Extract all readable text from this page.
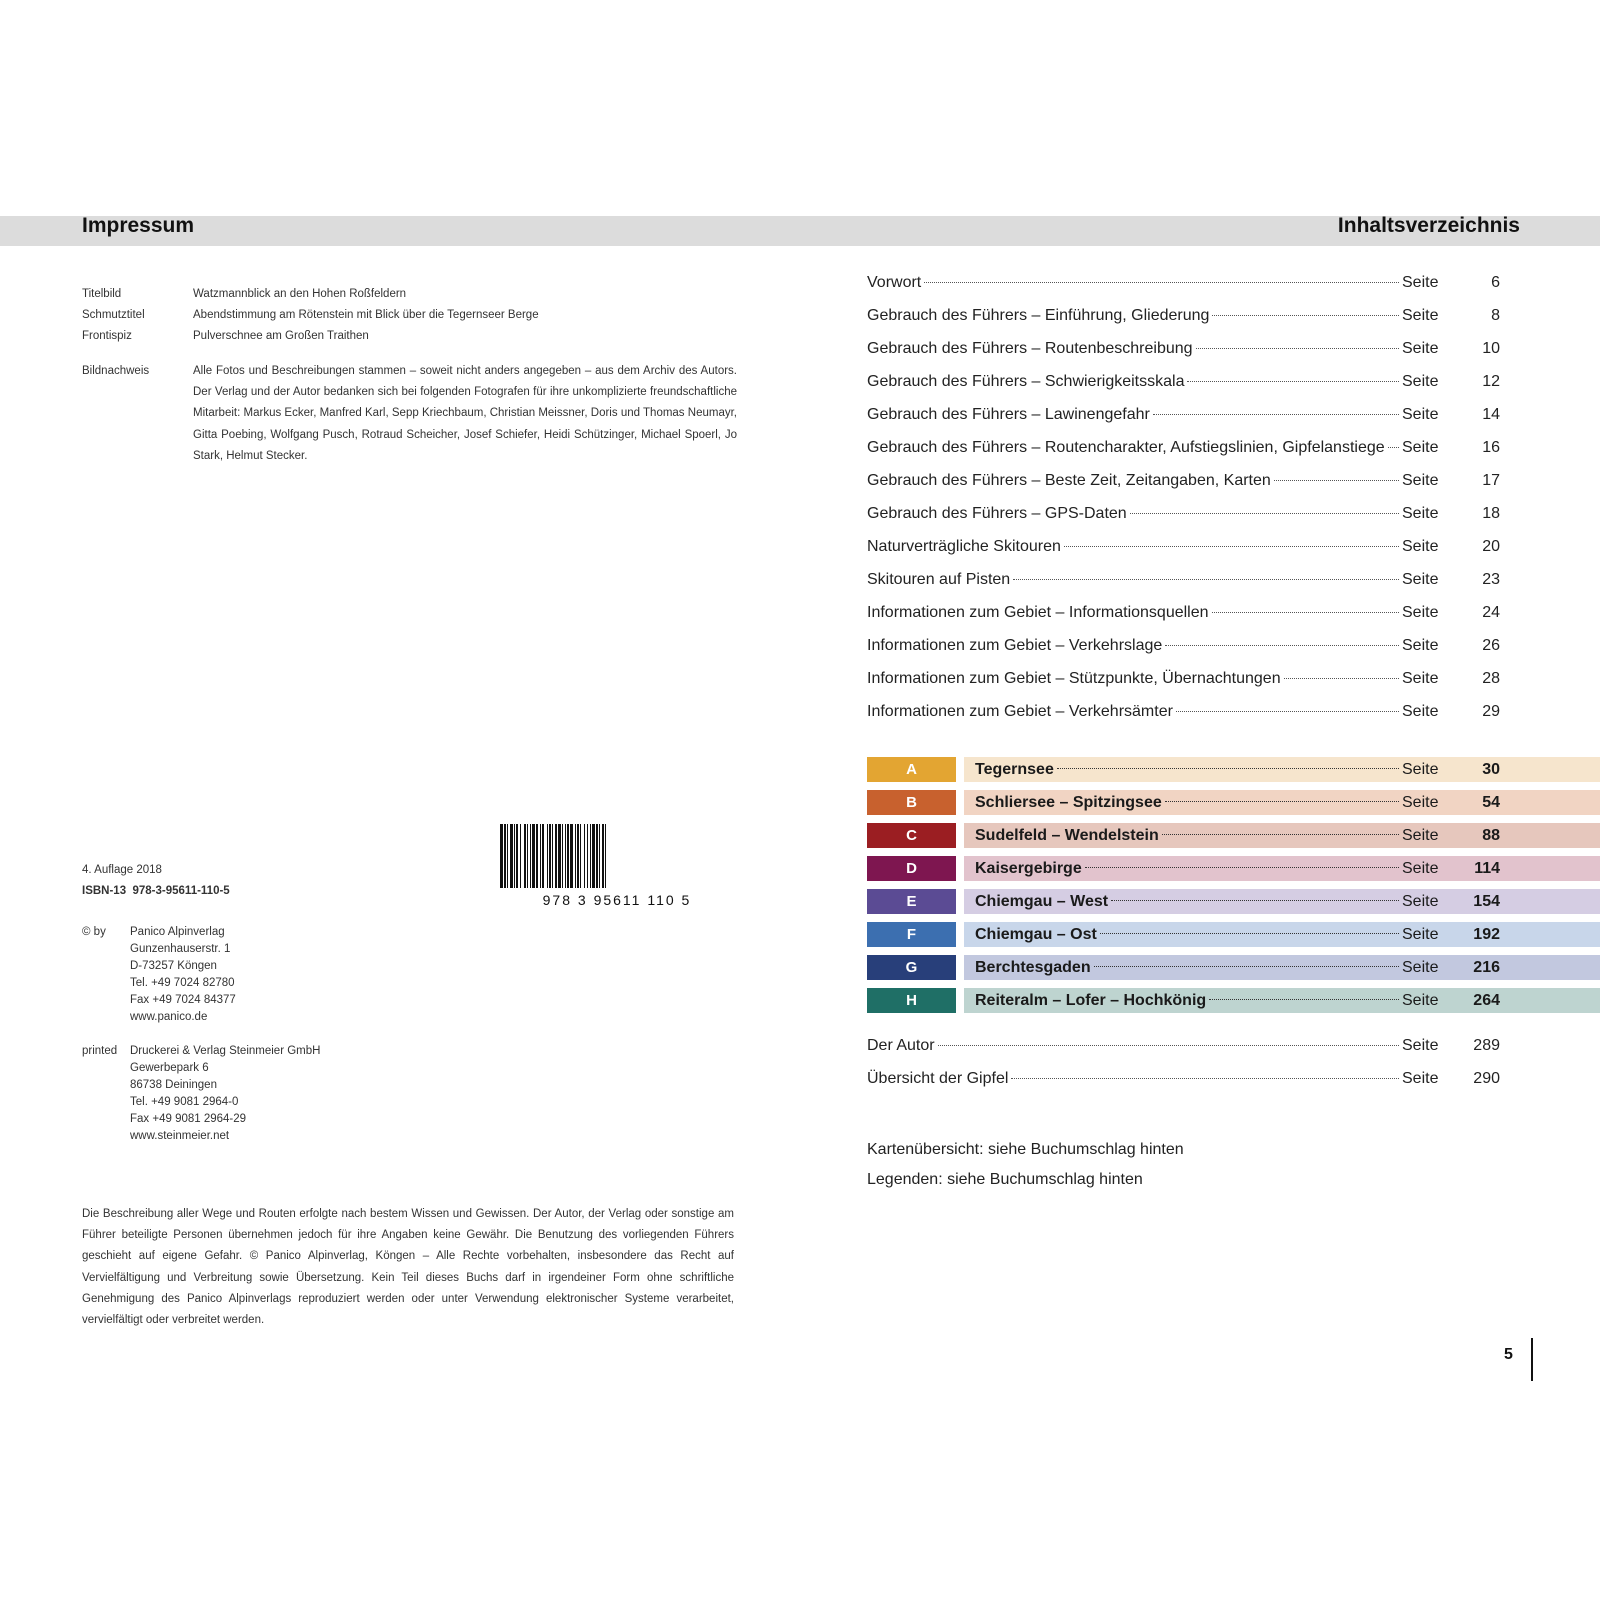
Impressum	Inhaltsverzeichnis
Titelbild	Watzmannblick an den Hohen Roßfeldern
Schmutztitel	Abendstimmung am Rötenstein mit Blick über die Tegernseer Berge
Frontispiz	Pulverschnee am Großen Traithen
Bildnachweis	Alle Fotos und Beschreibungen stammen – soweit nicht anders angegeben – aus dem Archiv des Autors. Der Verlag und der Autor bedanken sich bei folgenden Fotografen für ihre unkomplizierte freundschaftliche Mitarbeit: Markus Ecker, Manfred Karl, Sepp Kriechbaum, Christian Meissner, Doris und Thomas Neumayr, Gitta Poebing, Wolfgang Pusch, Rotraud Scheicher, Josef Schiefer, Heidi Schützinger, Michael Spoerl, Jo Stark, Helmut Stecker.
978 3 95611 110 5
4. Auflage 2018
ISBN-13 978-3-95611-110-5
© by	Panico Alpinverlag
Gunzenhauserstr. 1
D-73257 Köngen
Tel. +49 7024 82780
Fax +49 7024 84377
www.panico.de
printed	Druckerei & Verlag Steinmeier GmbH
Gewerbepark 6
86738 Deiningen
Tel. +49 9081 2964-0
Fax +49 9081 2964-29
www.steinmeier.net
Die Beschreibung aller Wege und Routen erfolgte nach bestem Wissen und Gewissen. Der Autor, der Verlag oder sonstige am Führer beteiligte Personen übernehmen jedoch für ihre Angaben keine Gewähr. Die Benutzung des vorliegenden Führers geschieht auf eigene Gefahr. © Panico Alpinverlag, Köngen – Alle Rechte vorbehalten, insbesondere das Recht auf Vervielfältigung und Verbreitung sowie Übersetzung. Kein Teil dieses Buchs darf in irgendeiner Form ohne schriftliche Genehmigung des Panico Alpinverlags reproduziert werden oder unter Verwendung elektronischer Systeme verarbeitet, vervielfältigt oder verbreitet werden.
Vorwort	Seite	6
Gebrauch des Führers – Einführung, Gliederung	Seite	8
Gebrauch des Führers – Routenbeschreibung	Seite	10
Gebrauch des Führers – Schwierigkeitsskala	Seite	12
Gebrauch des Führers – Lawinengefahr	Seite	14
Gebrauch des Führers – Routencharakter, Aufstiegslinien, Gipfelanstiege Seite	16
Gebrauch des Führers – Beste Zeit, Zeitangaben, Karten	Seite	17
Gebrauch des Führers – GPS-Daten	Seite	18
Naturverträgliche Skitouren	Seite	20
Skitouren auf Pisten	Seite	23
Informationen zum Gebiet – Informationsquellen	Seite	24
Informationen zum Gebiet – Verkehrslage	Seite	26
Informationen zum Gebiet – Stützpunkte, Übernachtungen	Seite	28
Informationen zum Gebiet – Verkehrsämter	Seite	29
A	Tegernsee	Seite	30
B	Schliersee – Spitzingsee	Seite	54
C	Sudelfeld – Wendelstein	Seite	88
D	Kaisergebirge	Seite	114
E	Chiemgau – West	Seite	154
F	Chiemgau – Ost	Seite	192
G	Berchtesgaden	Seite	216
H	Reiteralm – Lofer – Hochkönig	Seite	264
Der Autor	Seite	289
Übersicht der Gipfel	Seite	290
Kartenübersicht: siehe Buchumschlag hinten
Legenden: siehe Buchumschlag hinten
5
